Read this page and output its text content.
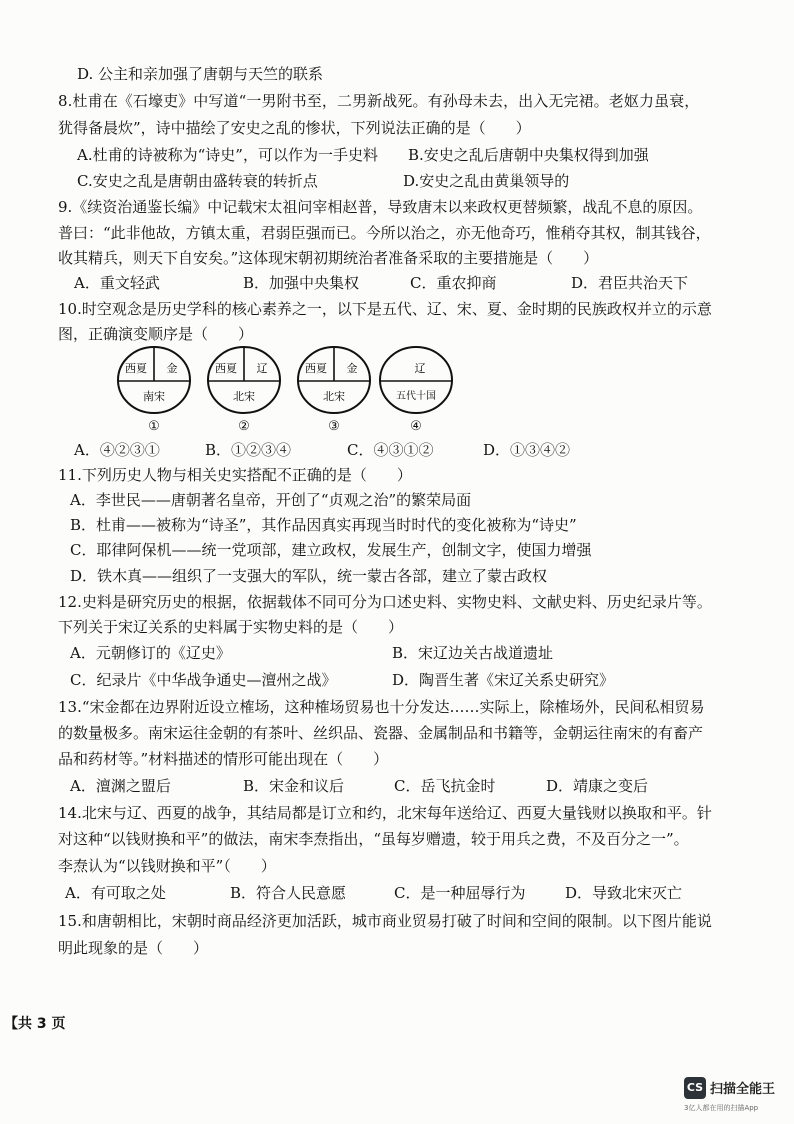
D. 公主和亲加强了唐朝与天竺的联系
8.杜甫在《石壕吏》中写道“一男附书至，二男新战死。有孙母未去，出入无完裙。老妪力虽衰，
犹得备晨炊”，诗中描绘了安史之乱的惨状，下列说法正确的是（　　）
A.杜甫的诗被称为“诗史”，可以作为一手史料 B.安史之乱后唐朝中央集权得到加强
C.安史之乱是唐朝由盛转衰的转折点	D.安史之乱由黄巢领导的
9.《续资治通鉴长编》中记载宋太祖问宰相赵普，导致唐末以来政权更替频繁，战乱不息的原因。
普曰：“此非他故，方镇太重，君弱臣强而已。今所以治之，亦无他奇巧，惟稍夺其权，制其钱谷，
收其精兵，则天下自安矣。”这体现宋朝初期统治者准备采取的主要措施是（　　）
A．重文轻武	B．加强中央集权	C．重农抑商	D．君臣共治天下
10.时空观念是历史学科的核心素养之一，以下是五代、辽、宋、夏、金时期的民族政权并立的示意
图，正确演变顺序是（　　）
西夏 金
南宋
①
西夏 辽
北宋
②
西夏 金
北宋
③
辽
五代十国
④
A．④②③①	B．①②③④	C．④③①②	D．①③④②
11.下列历史人物与相关史实搭配不正确的是（　　）
A．李世民——唐朝著名皇帝，开创了“贞观之治”的繁荣局面
B．杜甫——被称为“诗圣”，其作品因真实再现当时时代的变化被称为“诗史”
C．耶律阿保机——统一党项部，建立政权，发展生产，创制文字，使国力增强
D．铁木真——组织了一支强大的军队，统一蒙古各部，建立了蒙古政权
12.史料是研究历史的根据，依据载体不同可分为口述史料、实物史料、文献史料、历史纪录片等。
下列关于宋辽关系的史料属于实物史料的是（　　）
A．元朝修订的《辽史》	B．宋辽边关古战道遗址
C．纪录片《中华战争通史—澶州之战》	D．陶晋生著《宋辽关系史研究》
13.“宋金都在边界附近设立榷场，这种榷场贸易也十分发达……实际上，除榷场外，民间私相贸易
的数量极多。南宋运往金朝的有茶叶、丝织品、瓷器、金属制品和书籍等，金朝运往南宋的有畜产
品和药材等。”材料描述的情形可能出现在（　　）
A．澶渊之盟后	B．宋金和议后	C．岳飞抗金时	D．靖康之变后
14.北宋与辽、西夏的战争，其结局都是订立和约，北宋每年送给辽、西夏大量钱财以换取和平。针
对这种“以钱财换和平”的做法，南宋李焘指出，“虽每岁赠遗，较于用兵之费，不及百分之一”。
李焘认为“以钱财换和平”（　　）
A．有可取之处	B．符合人民意愿	C．是一种屈辱行为	D．导致北宋灭亡
15.和唐朝相比，宋朝时商品经济更加活跃，城市商业贸易打破了时间和空间的限制。以下图片能说
明此现象的是（　　）
【共 3 页
CS 扫描全能王
3亿人都在用的扫描App
